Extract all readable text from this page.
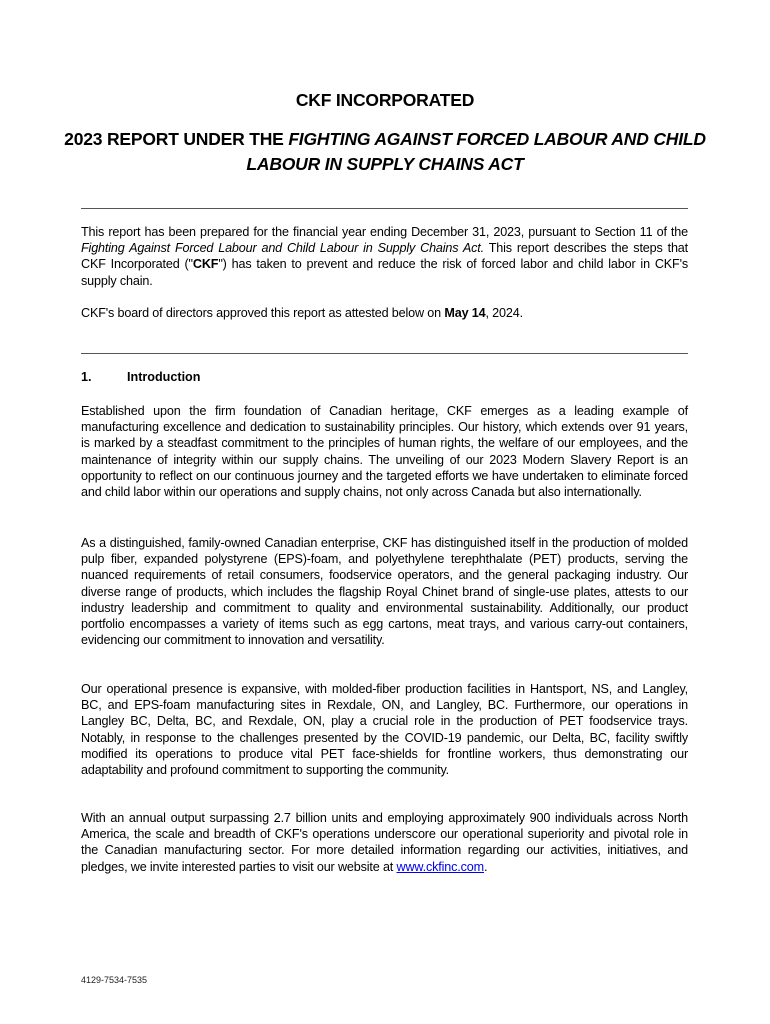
CKF INCORPORATED
2023 REPORT UNDER THE FIGHTING AGAINST FORCED LABOUR AND CHILD LABOUR IN SUPPLY CHAINS ACT
This report has been prepared for the financial year ending December 31, 2023, pursuant to Section 11 of the Fighting Against Forced Labour and Child Labour in Supply Chains Act. This report describes the steps that CKF Incorporated ("CKF") has taken to prevent and reduce the risk of forced labor and child labor in CKF's supply chain.
CKF's board of directors approved this report as attested below on May 14, 2024.
1.	Introduction
Established upon the firm foundation of Canadian heritage, CKF emerges as a leading example of manufacturing excellence and dedication to sustainability principles. Our history, which extends over 91 years, is marked by a steadfast commitment to the principles of human rights, the welfare of our employees, and the maintenance of integrity within our supply chains. The unveiling of our 2023 Modern Slavery Report is an opportunity to reflect on our continuous journey and the targeted efforts we have undertaken to eliminate forced and child labor within our operations and supply chains, not only across Canada but also internationally.
As a distinguished, family-owned Canadian enterprise, CKF has distinguished itself in the production of molded pulp fiber, expanded polystyrene (EPS)-foam, and polyethylene terephthalate (PET) products, serving the nuanced requirements of retail consumers, foodservice operators, and the general packaging industry. Our diverse range of products, which includes the flagship Royal Chinet brand of single-use plates, attests to our industry leadership and commitment to quality and environmental sustainability. Additionally, our product portfolio encompasses a variety of items such as egg cartons, meat trays, and various carry-out containers, evidencing our commitment to innovation and versatility.
Our operational presence is expansive, with molded-fiber production facilities in Hantsport, NS, and Langley, BC, and EPS-foam manufacturing sites in Rexdale, ON, and Langley, BC. Furthermore, our operations in Langley BC, Delta, BC, and Rexdale, ON, play a crucial role in the production of PET foodservice trays. Notably, in response to the challenges presented by the COVID-19 pandemic, our Delta, BC, facility swiftly modified its operations to produce vital PET face-shields for frontline workers, thus demonstrating our adaptability and profound commitment to supporting the community.
With an annual output surpassing 2.7 billion units and employing approximately 900 individuals across North America, the scale and breadth of CKF's operations underscore our operational superiority and pivotal role in the Canadian manufacturing sector. For more detailed information regarding our activities, initiatives, and pledges, we invite interested parties to visit our website at www.ckfinc.com.
4129-7534-7535
